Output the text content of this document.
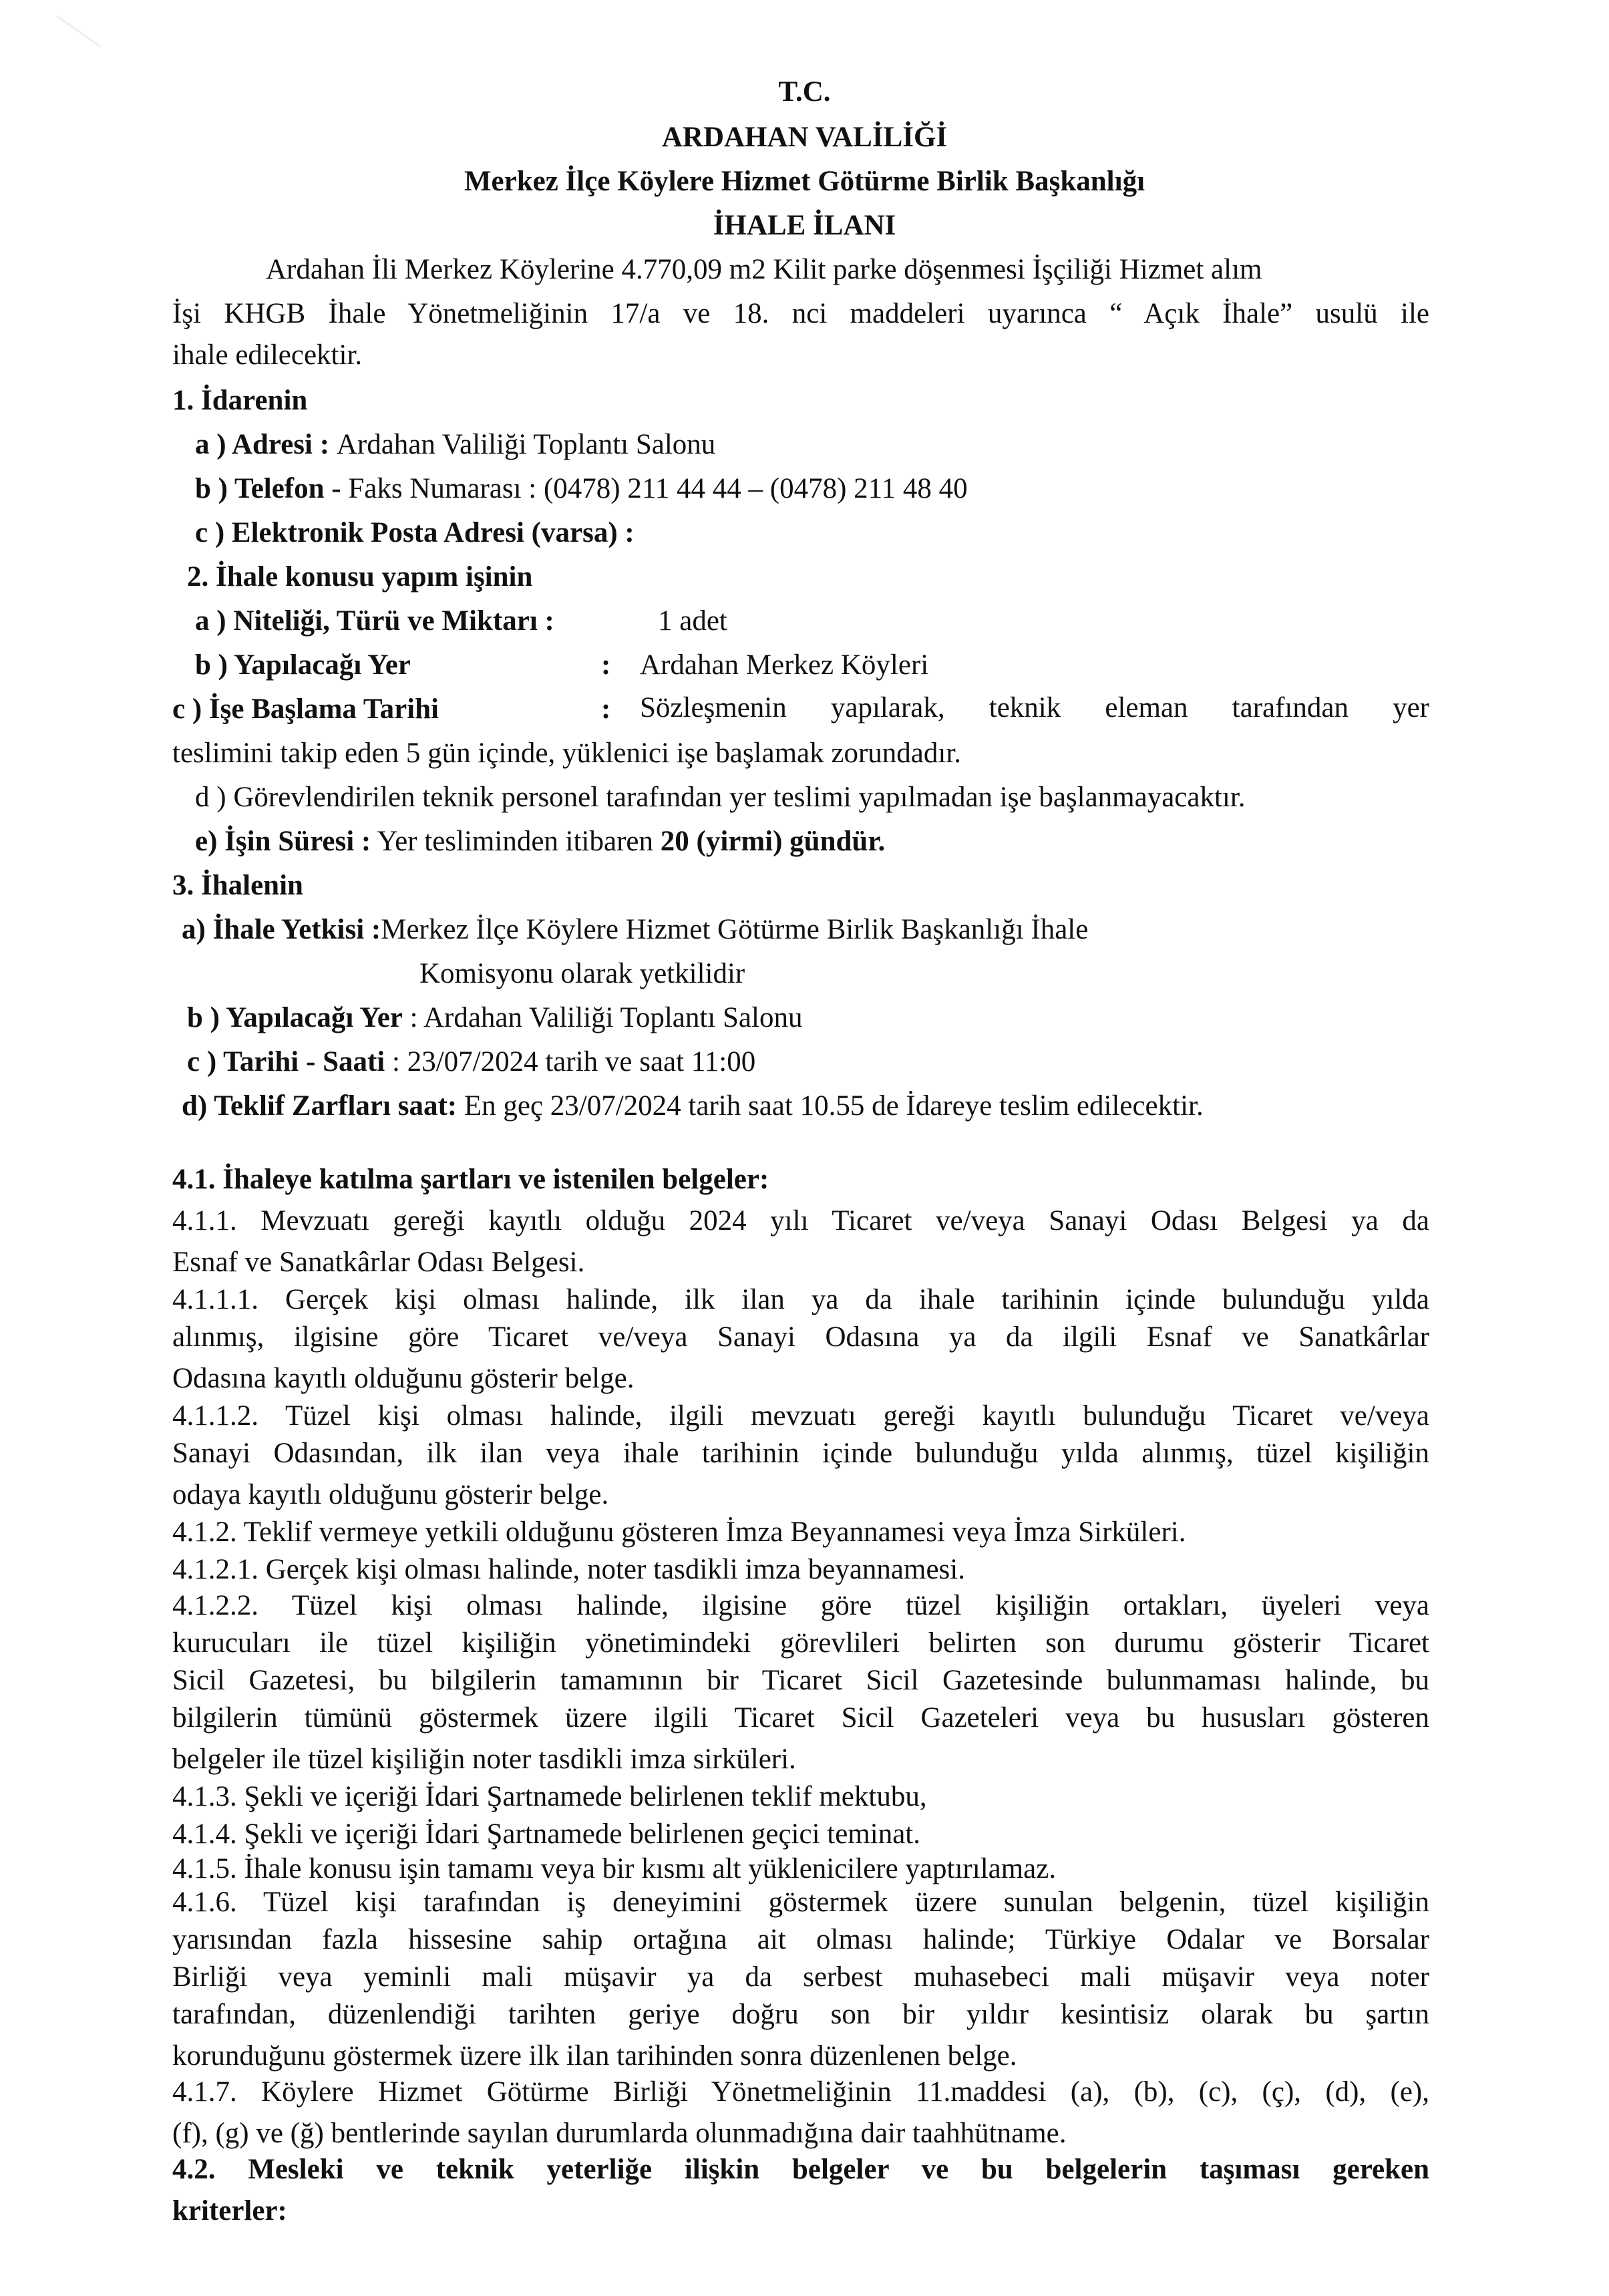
T.C.
ARDAHAN VALİLİĞİ
Merkez İlçe Köylere Hizmet Götürme Birlik Başkanlığı
İHALE İLANI
Ardahan İli Merkez Köylerine 4.770,09 m2 Kilit parke döşenmesi İşçiliği Hizmet alım
İşi KHGB İhale Yönetmeliğinin 17/a ve 18. nci maddeleri uyarınca “ Açık İhale” usulü ile
ihale edilecektir.
1. İdarenin
a ) Adresi : Ardahan Valiliği Toplantı Salonu
b ) Telefon - Faks Numarası : (0478) 211 44 44 – (0478) 211 48 40
c ) Elektronik Posta Adresi (varsa) :
2. İhale konusu yapım işinin
a ) Niteliği, Türü ve Miktarı :	1 adet
b ) Yapılacağı Yer	: Ardahan Merkez Köyleri
c ) İşe Başlama Tarihi	: Sözleşmenin yapılarak, teknik eleman tarafından yer
teslimini takip eden 5 gün içinde, yüklenici işe başlamak zorundadır.
d ) Görevlendirilen teknik personel tarafından yer teslimi yapılmadan işe başlanmayacaktır.
e) İşin Süresi : Yer tesliminden itibaren 20 (yirmi) gündür.
3. İhalenin
a) İhale Yetkisi :Merkez İlçe Köylere Hizmet Götürme Birlik Başkanlığı İhale
Komisyonu olarak yetkilidir
b ) Yapılacağı Yer : Ardahan Valiliği Toplantı Salonu
c ) Tarihi - Saati : 23/07/2024 tarih ve saat 11:00
d) Teklif Zarfları saat: En geç 23/07/2024 tarih saat 10.55 de İdareye teslim edilecektir.
4.1. İhaleye katılma şartları ve istenilen belgeler:
4.1.1. Mevzuatı gereği kayıtlı olduğu 2024 yılı Ticaret ve/veya Sanayi Odası Belgesi ya da
Esnaf ve Sanatkârlar Odası Belgesi.
4.1.1.1. Gerçek kişi olması halinde, ilk ilan ya da ihale tarihinin içinde bulunduğu yılda
alınmış, ilgisine göre Ticaret ve/veya Sanayi Odasına ya da ilgili Esnaf ve Sanatkârlar
Odasına kayıtlı olduğunu gösterir belge.
4.1.1.2. Tüzel kişi olması halinde, ilgili mevzuatı gereği kayıtlı bulunduğu Ticaret ve/veya
Sanayi Odasından, ilk ilan veya ihale tarihinin içinde bulunduğu yılda alınmış, tüzel kişiliğin
odaya kayıtlı olduğunu gösterir belge.
4.1.2. Teklif vermeye yetkili olduğunu gösteren İmza Beyannamesi veya İmza Sirküleri.
4.1.2.1. Gerçek kişi olması halinde, noter tasdikli imza beyannamesi.
4.1.2.2. Tüzel kişi olması halinde, ilgisine göre tüzel kişiliğin ortakları, üyeleri veya
kurucuları ile tüzel kişiliğin yönetimindeki görevlileri belirten son durumu gösterir Ticaret
Sicil Gazetesi, bu bilgilerin tamamının bir Ticaret Sicil Gazetesinde bulunmaması halinde, bu
bilgilerin tümünü göstermek üzere ilgili Ticaret Sicil Gazeteleri veya bu hususları gösteren
belgeler ile tüzel kişiliğin noter tasdikli imza sirküleri.
4.1.3. Şekli ve içeriği İdari Şartnamede belirlenen teklif mektubu,
4.1.4. Şekli ve içeriği İdari Şartnamede belirlenen geçici teminat.
4.1.5. İhale konusu işin tamamı veya bir kısmı alt yüklenicilere yaptırılamaz.
4.1.6. Tüzel kişi tarafından iş deneyimini göstermek üzere sunulan belgenin, tüzel kişiliğin
yarısından fazla hissesine sahip ortağına ait olması halinde; Türkiye Odalar ve Borsalar
Birliği veya yeminli mali müşavir ya da serbest muhasebeci mali müşavir veya noter
tarafından, düzenlendiği tarihten geriye doğru son bir yıldır kesintisiz olarak bu şartın
korunduğunu göstermek üzere ilk ilan tarihinden sonra düzenlenen belge.
4.1.7. Köylere Hizmet Götürme Birliği Yönetmeliğinin 11.maddesi (a), (b), (c), (ç), (d), (e),
(f), (g) ve (ğ) bentlerinde sayılan durumlarda olunmadığına dair taahhütname.
4.2. Mesleki ve teknik yeterliğe ilişkin belgeler ve bu belgelerin taşıması gereken
kriterler:
